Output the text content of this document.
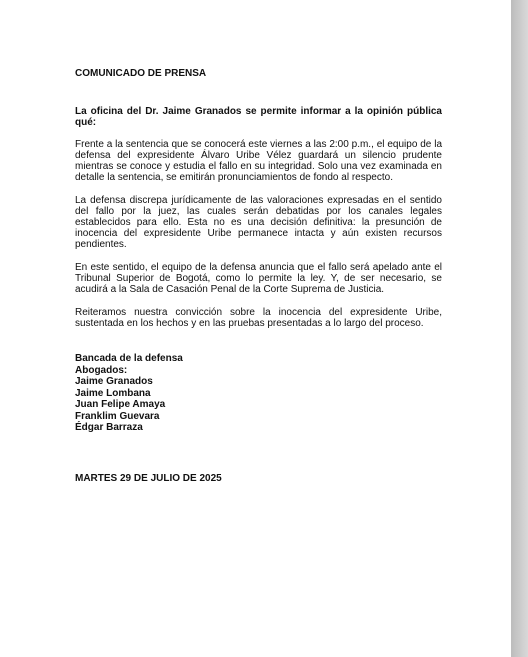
COMUNICADO DE PRENSA

La oficina del Dr. Jaime Granados se permite informar a la opinión pública qué:

Frente a la sentencia que se conocerá este viernes a las 2:00 p.m., el equipo de la defensa del expresidente Álvaro Uribe Vélez guardará un silencio prudente mientras se conoce y estudia el fallo en su integridad. Solo una vez examinada en detalle la sentencia, se emitirán pronunciamientos de fondo al respecto.

La defensa discrepa jurídicamente de las valoraciones expresadas en el sentido del fallo por la juez, las cuales serán debatidas por los canales legales establecidos para ello. Esta no es una decisión definitiva: la presunción de inocencia del expresidente Uribe permanece intacta y aún existen recursos pendientes.

En este sentido, el equipo de la defensa anuncia que el fallo será apelado ante el Tribunal Superior de Bogotá, como lo permite la ley. Y, de ser necesario, se acudirá a la Sala de Casación Penal de la Corte Suprema de Justicia.

Reiteramos nuestra convicción sobre la inocencia del expresidente Uribe, sustentada en los hechos y en las pruebas presentadas a lo largo del proceso.

Bancada de la defensa
Abogados:
Jaime Granados
Jaime Lombana
Juan Felipe Amaya
Franklim Guevara
Édgar Barraza

MARTES 29 DE JULIO DE 2025
